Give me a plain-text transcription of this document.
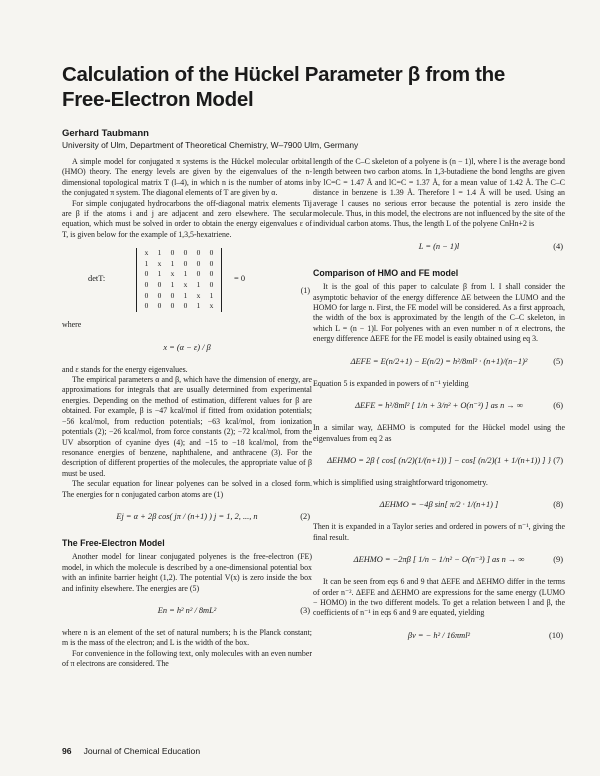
Calculation of the Hückel Parameter β from the Free-Electron Model
Gerhard Taubmann
University of Ulm, Department of Theoretical Chemistry, W–7900 Ulm, Germany

A simple model for conjugated π systems is the Hückel molecular orbital (HMO) theory. The energy levels are given by the eigenvalues of the n-dimensional topological matrix T (l–4), in which n is the number of atoms in the conjugated π system. The diagonal elements of T are given by α.

For simple conjugated hydrocarbons the off-diagonal matrix elements Tij are β if the atoms i and j are adjacent and zero elsewhere. The secular equation, which must be solved in order to obtain the energy eigenvalues ε of T, is given below for the example of 1,3,5-hexatriene.

detT:
x 1 0 0 0 0
1 x 1 0 0 0
0 1 x 1 0 0
0 0 1 x 1 0
0 0 0 1 x 1
0 0 0 0 1 x
= 0
(1)

where

x = (α − ε) / β

and ε stands for the energy eigenvalues.

The empirical parameters α and β, which have the dimension of energy, are approximations for integrals that are usually determined from experimental energies. Depending on the method of estimation, different values for β are obtained. For example, β is −47 kcal/mol if fitted from oxidation potentials; −56 kcal/mol, from reduction potentials; −63 kcal/mol, from ionization potentials (2); −26 kcal/mol, from force constants (2); −72 kcal/mol, from the UV absorption of cyanine dyes (4); and −15 to −18 kcal/mol, from the resonance energies of benzene, naphthalene, and anthracene (3). For the description of different properties of the molecules, the appropriate value of β must be used.

The secular equation for linear polyenes can be solved in a closed form. The energies for n conjugated carbon atoms are (1)

Ej = α + 2β cos( jπ / (n+1) ) j = 1, 2, ..., n	(2)
The Free-Electron Model

Another model for linear conjugated polyenes is the free-electron (FE) model, in which the molecule is described by a one-dimensional potential box with an infinite barrier height (1,2). The potential V(x) is zero inside the box and infinity elsewhere. The energies are (5)

En = h² n² / 8mL²	(3)

where n is an element of the set of natural numbers; h is the Planck constant; m is the mass of the electron; and L is the width of the box.

For convenience in the following text, only molecules with an even number of π electrons are considered. The

length of the C–C skeleton of a polyene is (n − 1)l, where l is the average bond length between two carbon atoms. In 1,3-butadiene the bond lengths are given by lC=C = 1.47 Å and lC=C = 1.37 Å, for a mean value of 1.42 Å. The C–C distance in benzene is 1.39 Å. Therefore l = 1.4 Å will be used. Using an average l causes no serious error because the potential is zero inside the molecule. Thus, in this model, the electrons are not influenced by the site of the individual carbon atoms. Thus, the length L of the polyene CnHn+2 is

L = (n − 1)l	(4)
Comparison of HMO and FE model

It is the goal of this paper to calculate β from l. I shall consider the asymptotic behavior of the energy difference ΔE between the LUMO and the HOMO for large n. First, the FE model will be considered. As a first approach, the width of the box is approximated by the length of the C–C skeleton, in which L = (n − 1)l. For polyenes with an even number n of π electrons, the energy difference ΔEFE for the FE model is easily obtained using eq 3.

ΔEFE = E(n/2+1) − E(n/2) = h²/8ml² · (n+1)/(n−1)²	(5)

Equation 5 is expanded in powers of n⁻¹ yielding

ΔEFE = h²/8ml² [ 1/n + 3/n² + O(n⁻³) ] as n → ∞	(6)

In a similar way, ΔEHMO is computed for the Hückel model using the eigenvalues from eq 2 as

ΔEHMO = 2β { cos[ (n/2)(1/(n+1)) ] − cos[ (n/2)(1 + 1/(n+1)) ] } (7)

which is simplified using straightforward trigonometry.

ΔEHMO = −4β sin[ π/2 · 1/(n+1) ]	(8)

Then it is expanded in a Taylor series and ordered in powers of n⁻¹, giving the final result.

ΔEHMO = −2πβ [ 1/n − 1/n² − O(n⁻³) ] as n → ∞	(9)

It can be seen from eqs 6 and 9 that ΔEFE and ΔEHMO differ in the terms of order n⁻². ΔEFE and ΔEHMO are expressions for the same energy (LUMO − HOMO) in the two different models. To get a relation between l and β, the coefficients of n⁻¹ in eqs 6 and 9 are equated, yielding

βv = − h² / 16πml²	(10)
96 Journal of Chemical Education
